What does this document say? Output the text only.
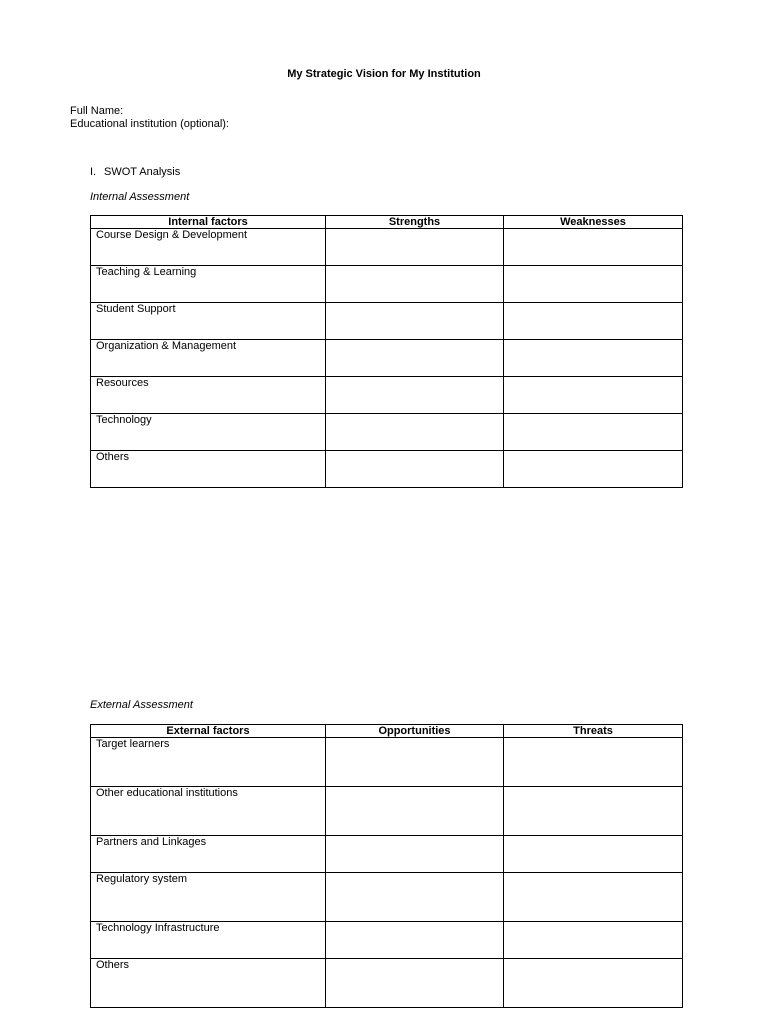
My Strategic Vision for My Institution
Full Name:
Educational institution (optional):
I. SWOT Analysis
Internal Assessment
Internal factors	Strengths	Weaknesses
Course Design & Development		
Teaching & Learning		
Student Support		
Organization & Management		
Resources		
Technology		
Others		
External Assessment
External factors	Opportunities	Threats
Target learners		
Other educational institutions		
Partners and Linkages		
Regulatory system		
Technology Infrastructure		
Others		
